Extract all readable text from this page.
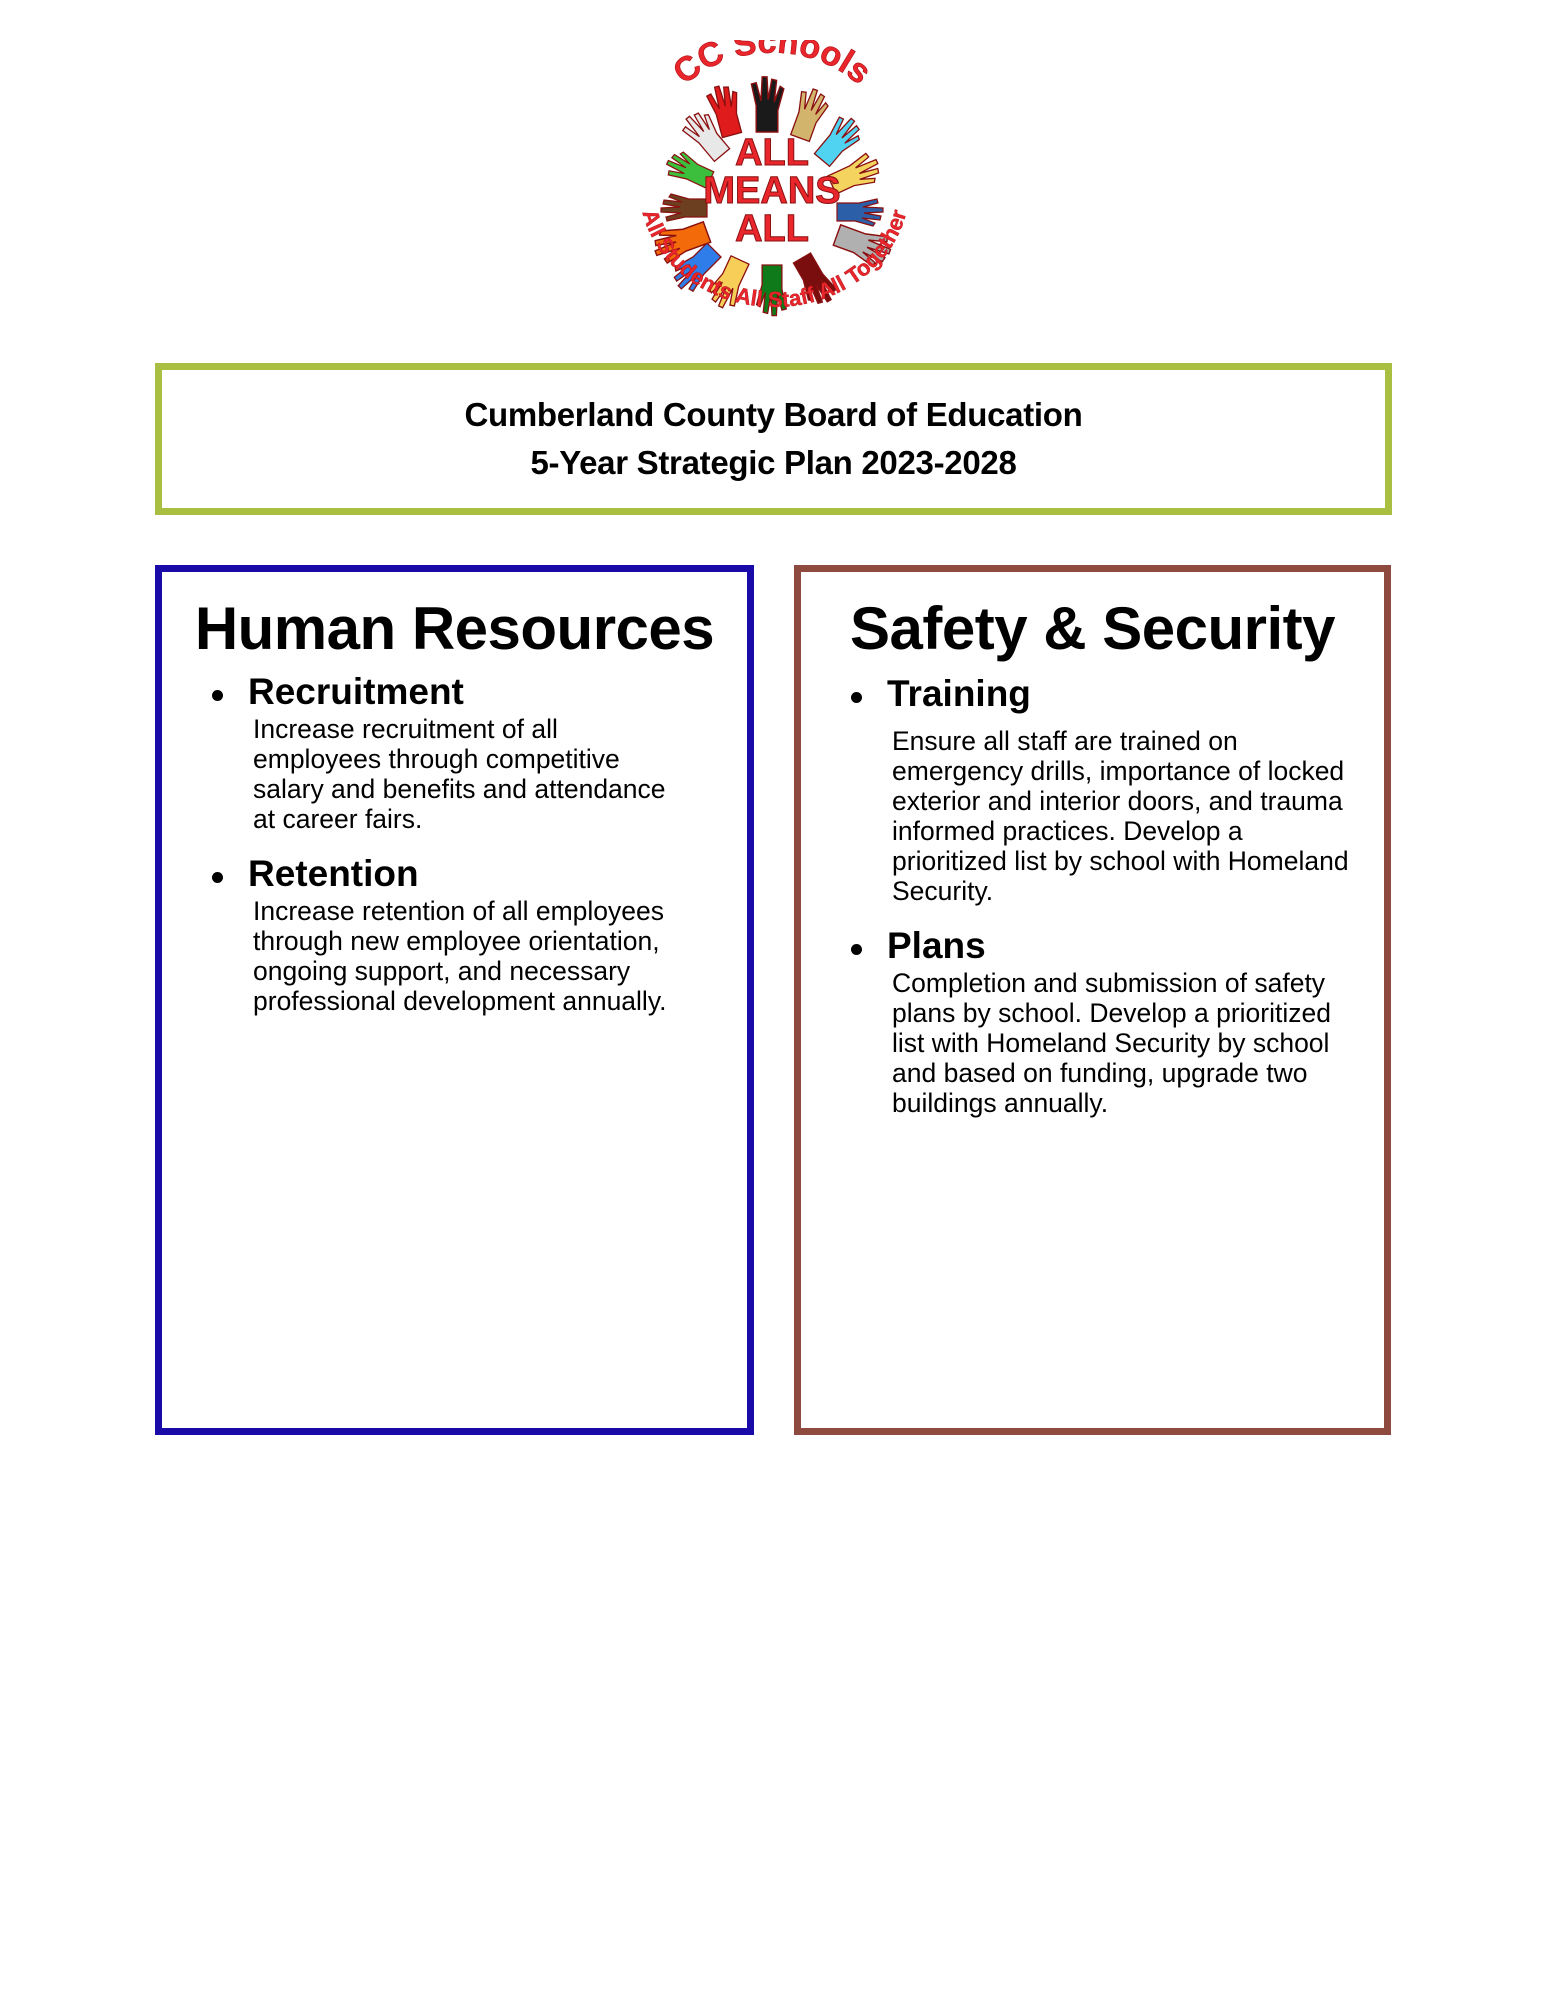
CC Schools
ALL
MEANS
ALL
All Students All Staff All Together
Cumberland County Board of Education
5-Year Strategic Plan 2023-2028
Human Resources
Recruitment
Increase recruitment of all employees through competitive salary and benefits and attendance at career fairs.
Retention
Increase retention of all employees through new employee orientation, ongoing support, and necessary professional development annually.
Safety & Security
Training
Ensure all staff are trained on emergency drills, importance of locked exterior and interior doors, and trauma informed practices. Develop a prioritized list by school with Homeland Security.
Plans
Completion and submission of safety plans by school. Develop a prioritized list with Homeland Security by school and based on funding, upgrade two buildings annually.
